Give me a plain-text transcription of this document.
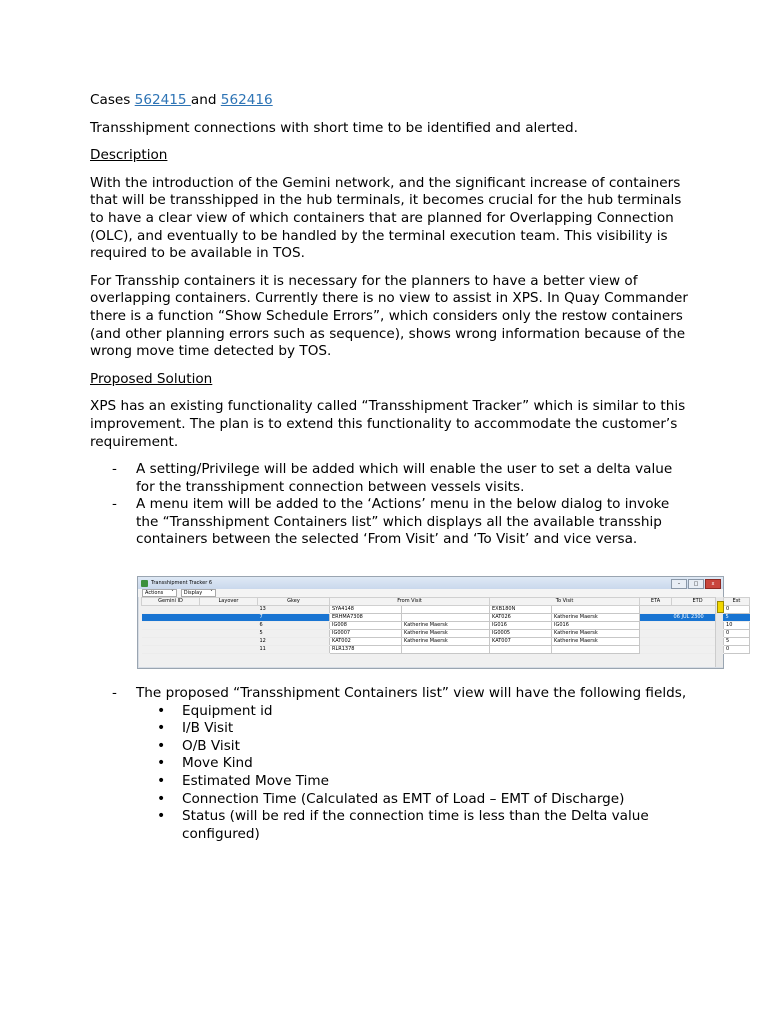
Cases 562415 and 562416

Transshipment connections with short time to be identified and alerted.

Description

With the introduction of the Gemini network, and the significant increase of containers that will be transshipped in the hub terminals, it becomes crucial for the hub terminals to have a clear view of which containers that are planned for Overlapping Connection (OLC), and eventually to be handled by the terminal execution team. This visibility is required to be available in TOS.

For Transship containers it is necessary for the planners to have a better view of overlapping containers. Currently there is no view to assist in XPS. In Quay Commander there is a function “Show Schedule Errors”, which considers only the restow containers (and other planning errors such as sequence), shows wrong information because of the wrong move time detected by TOS.

Proposed Solution

XPS has an existing functionality called “Transshipment Tracker” which is similar to this improvement. The plan is to extend this functionality to accommodate the customer’s requirement.

- A setting/Privilege will be added which will enable the user to set a delta value for the transshipment connection between vessels visits.
- A menu item will be added to the ‘Actions’ menu in the below dialog to invoke the “Transshipment Containers list” which displays all the available transship containers between the selected ‘From Visit’ and ‘To Visit’ and vice versa.
- The proposed “Transshipment Containers list” view will have the following fields,
• Equipment id
• I/B Visit
• O/B Visit
• Move Kind
• Estimated Move Time
• Connection Time (Calculated as EMT of Load – EMT of Discharge)
• Status (will be red if the connection time is less than the Delta value configured)
Transshipment Tracker 6	–	□	x
Actions ˅ Display ˅
Gemini ID	Layover	Gkey	From Visit		To Visit		ETA	ETD	Est
		13	SYA4148		EXB180N				0
		7	ERHMA7308		KAT026	Katherine Maersk		06 JUL 2300	5
		6	IG008	Katherine Maersk	IG016	IG016			10
		5	IG0007	Katherine Maersk	IG0005	Katherine Maersk			0
		12	KAT002	Katherine Maersk	KAT007	Katherine Maersk			5
		11	RLR1378						0
